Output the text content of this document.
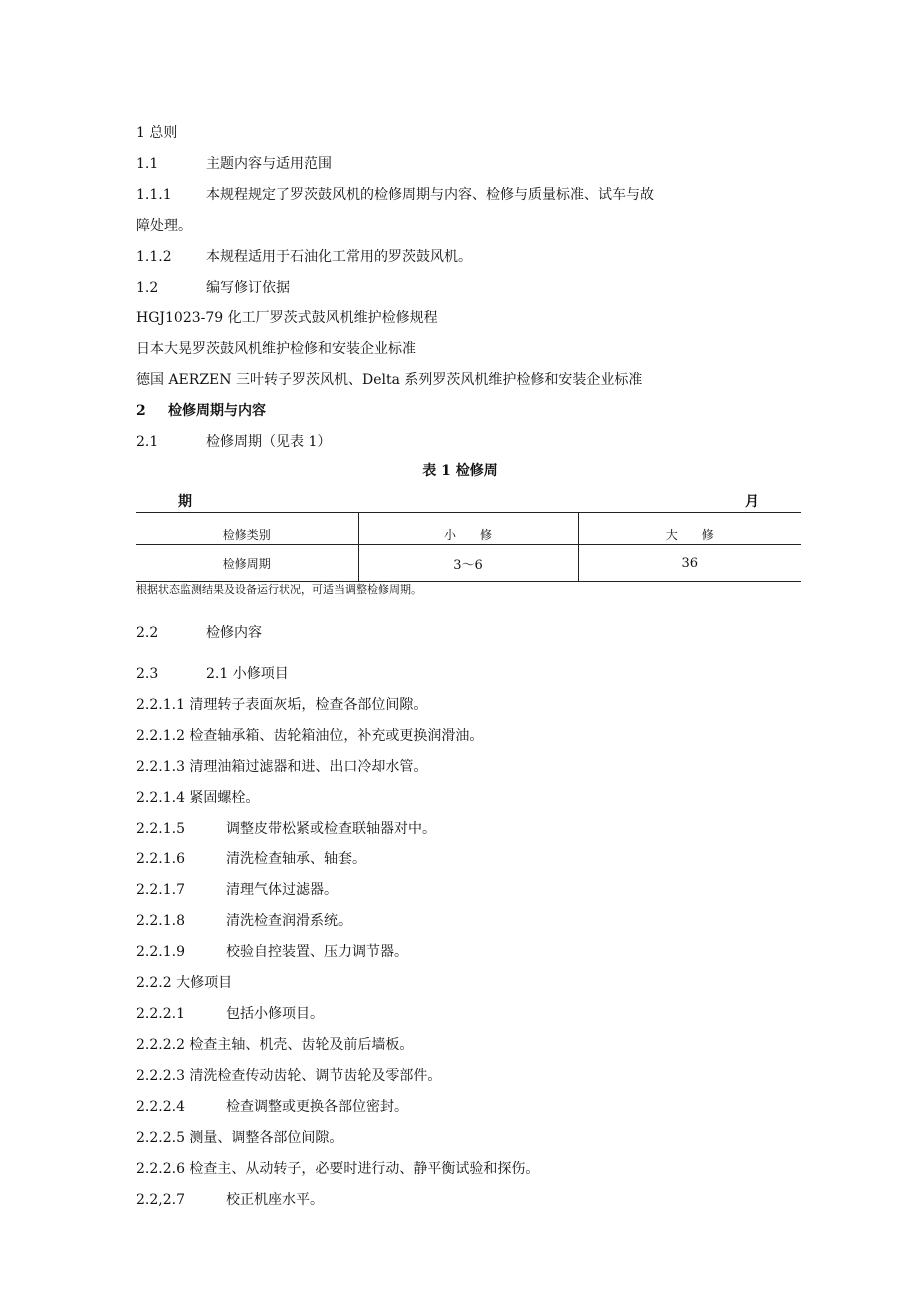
1 总则
1.1	主题内容与适用范围
1.1.1 本规程规定了罗茨鼓风机的检修周期与内容、检修与质量标准、试车与故
障处理。
1.1.2 本规程适用于石油化工常用的罗茨鼓风机。
1.2	编写修订依据
HGJ1023-79 化工厂罗茨式鼓风机维护检修规程
日本大晃罗茨鼓风机维护检修和安装企业标准
德国 AERZEN 三叶转子罗茨风机、Delta 系列罗茨风机维护检修和安装企业标准
2 检修周期与内容
2.1	检修周期（见表 1）
表 1 检修周
期	月
检修类别	小　　修	大　　修
检修周期	3～6	36
根据状态监测结果及设备运行状况，可适当调整检修周期。
2.2	检修内容
2.3	2.1 小修项目
2.2.1.1 清理转子表面灰垢，检查各部位间隙。
2.2.1.2 检查轴承箱、齿轮箱油位，补充或更换润滑油。
2.2.1.3 清理油箱过滤器和进、出口冷却水管。
2.2.1.4 紧固螺栓。
2.2.1.5	调整皮带松紧或检查联轴器对中。
2.2.1.6	清洗检查轴承、轴套。
2.2.1.7	清理气体过滤器。
2.2.1.8	清洗检查润滑系统。
2.2.1.9	校验自控装置、压力调节器。
2.2.2 大修项目
2.2.2.1	包括小修项目。
2.2.2.2 检查主轴、机壳、齿轮及前后墙板。
2.2.2.3 清洗检查传动齿轮、调节齿轮及零部件。
2.2.2.4	检查调整或更换各部位密封。
2.2.2.5 测量、调整各部位间隙。
2.2.2.6 检查主、从动转子，必要时进行动、静平衡试验和探伤。
2.2,2.7	校正机座水平。
